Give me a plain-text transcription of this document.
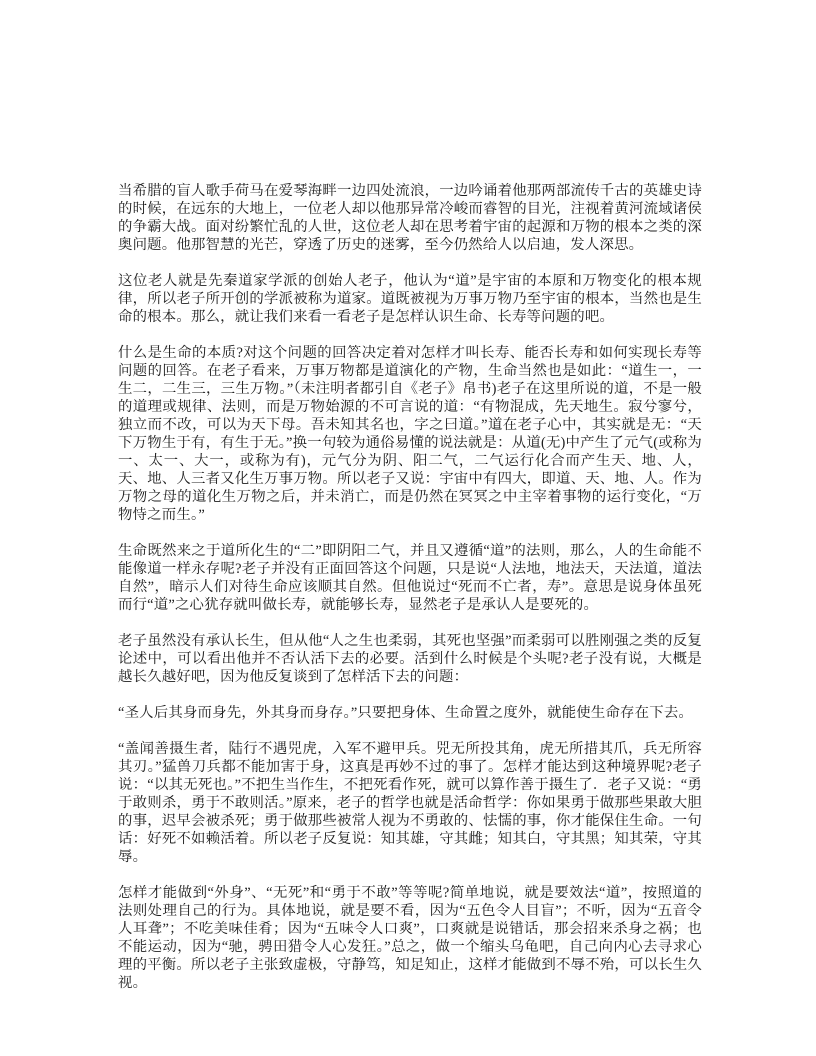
当希腊的盲人歌手荷马在爱琴海畔一边四处流浪，一边吟诵着他那两部流传千古的英雄史诗的时候，在远东的大地上，一位老人却以他那异常冷峻而睿智的目光，注视着黄河流域诸侯的争霸大战。面对纷繁忙乱的人世，这位老人却在思考着宇宙的起源和万物的根本之类的深奥问题。他那智慧的光芒，穿透了历史的迷雾，至今仍然给人以启迪，发人深思。

这位老人就是先秦道家学派的创始人老子，他认为“道”是宇宙的本原和万物变化的根本规律，所以老子所开创的学派被称为道家。道既被视为万事万物乃至宇宙的根本，当然也是生命的根本。那么，就让我们来看一看老子是怎样认识生命、长寿等问题的吧。

什么是生命的本质?对这个问题的回答决定着对怎样才叫长寿、能否长寿和如何实现长寿等问题的回答。在老子看来，万事万物都是道演化的产物，生命当然也是如此：“道生一，一生二，二生三，三生万物。”（未注明者都引自《老子》帛书)老子在这里所说的道，不是一般的道理或规律、法则，而是万物始源的不可言说的道：“有物混成，先天地生。寂兮寥兮，独立而不改，可以为天下母。吾未知其名也，字之曰道。”道在老子心中，其实就是无：“天下万物生于有，有生于无。”换一句较为通俗易懂的说法就是：从道(无)中产生了元气(或称为一、太一、大一，或称为有)，元气分为阴、阳二气，二气运行化合而产生天、地、人，天、地、人三者又化生万事万物。所以老子又说：宇宙中有四大，即道、天、地、人。作为万物之母的道化生万物之后，并未消亡，而是仍然在冥冥之中主宰着事物的运行变化，“万物恃之而生。”

生命既然来之于道所化生的“二”即阴阳二气，并且又遵循“道”的法则，那么，人的生命能不能像道一样永存呢?老子并没有正面回答这个问题，只是说“人法地，地法天，天法道，道法自然”，暗示人们对待生命应该顺其自然。但他说过“死而不亡者，寿”。意思是说身体虽死而行“道”之心犹存就叫做长寿，就能够长寿，显然老子是承认人是要死的。

老子虽然没有承认长生，但从他“人之生也柔弱，其死也坚强”而柔弱可以胜刚强之类的反复论述中，可以看出他并不否认活下去的必要。活到什么时候是个头呢?老子没有说，大概是越长久越好吧，因为他反复谈到了怎样活下去的问题：

“圣人后其身而身先，外其身而身存。”只要把身体、生命置之度外，就能使生命存在下去。

“盖闻善摄生者，陆行不遇兕虎，入军不避甲兵。兕无所投其角，虎无所措其爪，兵无所容其刃。”猛兽刀兵都不能加害于身，这真是再妙不过的事了。怎样才能达到这种境界呢?老子说：“以其无死也。”不把生当作生，不把死看作死，就可以算作善于摄生了．老子又说：“勇于敢则杀，勇于不敢则活。”原来，老子的哲学也就是活命哲学：你如果勇于做那些果敢大胆的事，迟早会被杀死；勇于做那些被常人视为不勇敢的、怯懦的事，你才能保住生命。一句话：好死不如赖活着。所以老子反复说：知其雄，守其雌；知其白，守其黑；知其荣，守其辱。

怎样才能做到“外身”、“无死”和“勇于不敢”等等呢?简单地说，就是要效法“道”，按照道的法则处理自己的行为。具体地说，就是要不看，因为“五色令人目盲”；不听，因为“五音令人耳聋”；不吃美味佳肴；因为“五味令人口爽”，口爽就是说错话，那会招来杀身之祸；也不能运动，因为“驰，骋田猎令人心发狂。”总之，做一个缩头乌龟吧，自己向内心去寻求心理的平衡。所以老子主张致虚极，守静笃，知足知止，这样才能做到不辱不殆，可以长生久视。
